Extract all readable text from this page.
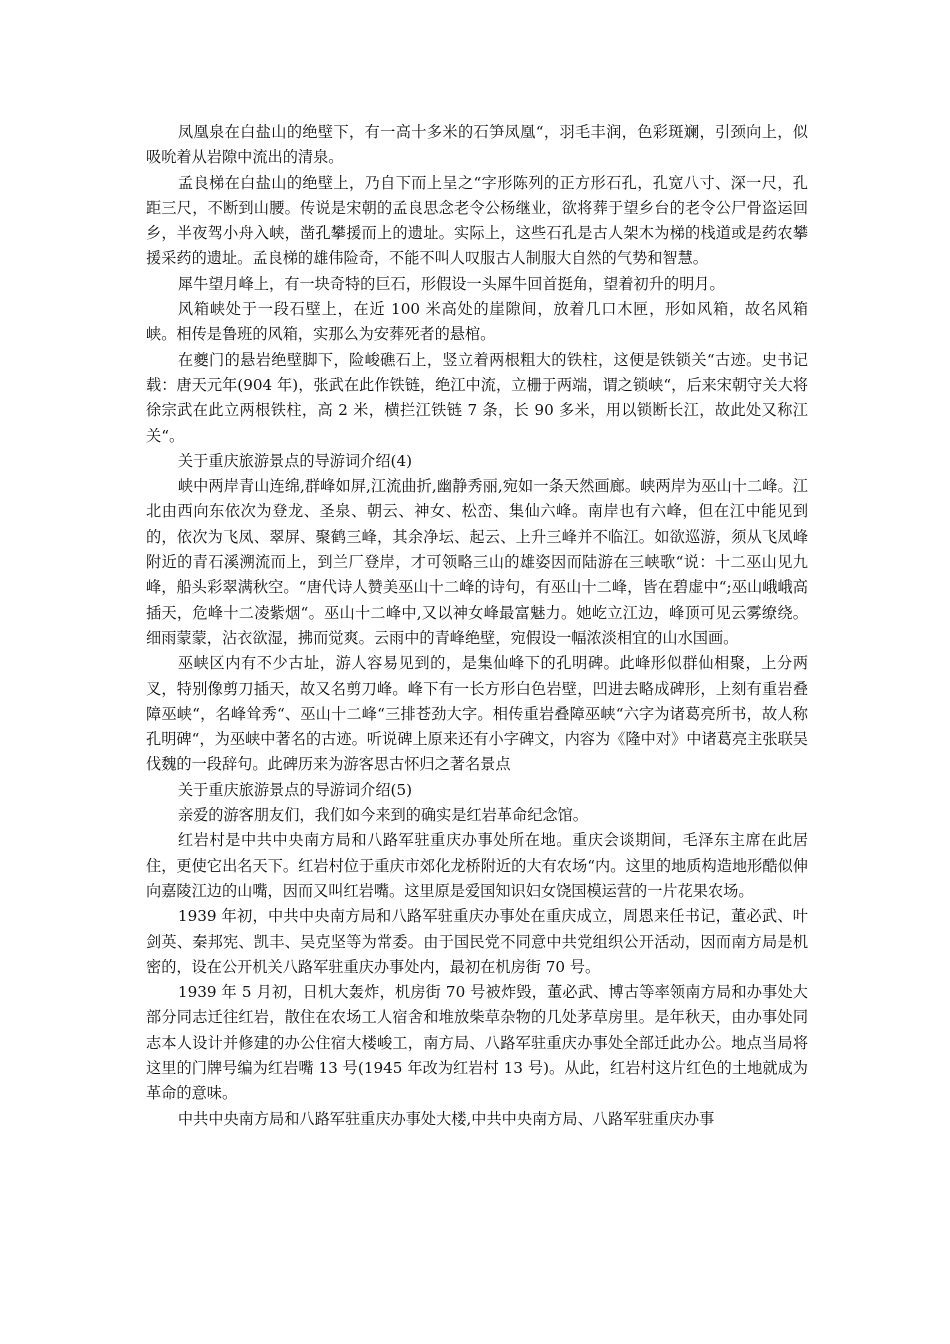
凤凰泉在白盐山的绝壁下，有一高十多米的石笋凤凰“，羽毛丰润，色彩斑斓，引颈向上，似吸吮着从岩隙中流出的清泉。

孟良梯在白盐山的绝壁上，乃自下而上呈之“字形陈列的正方形石孔，孔宽八寸、深一尺，孔距三尺，不断到山腰。传说是宋朝的孟良思念老令公杨继业，欲将葬于望乡台的老令公尸骨盗运回乡，半夜驾小舟入峡，凿孔攀援而上的遗址。实际上，这些石孔是古人架木为梯的栈道或是药农攀援采药的遗址。孟良梯的雄伟险奇，不能不叫人叹服古人制服大自然的气势和智慧。

犀牛望月峰上，有一块奇特的巨石，形假设一头犀牛回首挺角，望着初升的明月。

风箱峡处于一段石壁上，在近 100 米高处的崖隙间，放着几口木匣，形如风箱，故名风箱峡。相传是鲁班的风箱，实那么为安葬死者的悬棺。

在夔门的悬岩绝壁脚下，险峻礁石上，竖立着两根粗大的铁柱，这便是铁锁关“古迹。史书记载：唐天元年(904 年)，张武在此作铁链，绝江中流，立栅于两端，谓之锁峡“，后来宋朝守关大将徐宗武在此立两根铁柱，高 2 米，横拦江铁链 7 条，长 90 多米，用以锁断长江，故此处又称江关“。

关于重庆旅游景点的导游词介绍(4)

峡中两岸青山连绵,群峰如屏,江流曲折,幽静秀丽,宛如一条天然画廊。峡两岸为巫山十二峰。江北由西向东依次为登龙、圣泉、朝云、神女、松峦、集仙六峰。南岸也有六峰，但在江中能见到的，依次为飞凤、翠屏、聚鹤三峰，其余净坛、起云、上升三峰并不临江。如欲巡游，须从飞凤峰附近的青石溪溯流而上，到兰厂登岸，才可领略三山的雄姿因而陆游在三峡歌“说：十二巫山见九峰，船头彩翠满秋空。“唐代诗人赞美巫山十二峰的诗句，有巫山十二峰，皆在碧虚中“;巫山峨峨高插天，危峰十二凌紫烟“。巫山十二峰中,又以神女峰最富魅力。她屹立江边，峰顶可见云雾缭绕。细雨蒙蒙，沾衣欲湿，拂而觉爽。云雨中的青峰绝壁，宛假设一幅浓淡相宜的山水国画。

巫峡区内有不少古址，游人容易见到的，是集仙峰下的孔明碑。此峰形似群仙相聚，上分两叉，特别像剪刀插天，故又名剪刀峰。峰下有一长方形白色岩壁，凹进去略成碑形，上刻有重岩叠障巫峡“，名峰耸秀“、巫山十二峰“三排苍劲大字。相传重岩叠障巫峡“六字为诸葛亮所书，故人称孔明碑“，为巫峡中著名的古迹。听说碑上原来还有小字碑文，内容为《隆中对》中诸葛亮主张联吴伐魏的一段辞句。此碑历来为游客思古怀归之著名景点

关于重庆旅游景点的导游词介绍(5)

亲爱的游客朋友们，我们如今来到的确实是红岩革命纪念馆。

红岩村是中共中央南方局和八路军驻重庆办事处所在地。重庆会谈期间，毛泽东主席在此居住，更使它出名天下。红岩村位于重庆市郊化龙桥附近的大有农场“内。这里的地质构造地形酷似伸向嘉陵江边的山嘴，因而又叫红岩嘴。这里原是爱国知识妇女饶国模运营的一片花果农场。

1939 年初，中共中央南方局和八路军驻重庆办事处在重庆成立，周恩来任书记，董必武、叶剑英、秦邦宪、凯丰、吴克坚等为常委。由于国民党不同意中共党组织公开活动，因而南方局是机密的，设在公开机关八路军驻重庆办事处内，最初在机房街 70 号。

1939 年 5 月初，日机大轰炸，机房街 70 号被炸毁，董必武、博古等率领南方局和办事处大部分同志迁往红岩，散住在农场工人宿舍和堆放柴草杂物的几处茅草房里。是年秋天，由办事处同志本人设计并修建的办公住宿大楼峻工，南方局、八路军驻重庆办事处全部迁此办公。地点当局将这里的门牌号编为红岩嘴 13 号(1945 年改为红岩村 13 号)。从此，红岩村这片红色的土地就成为革命的意味。

中共中央南方局和八路军驻重庆办事处大楼,中共中央南方局、八路军驻重庆办事
